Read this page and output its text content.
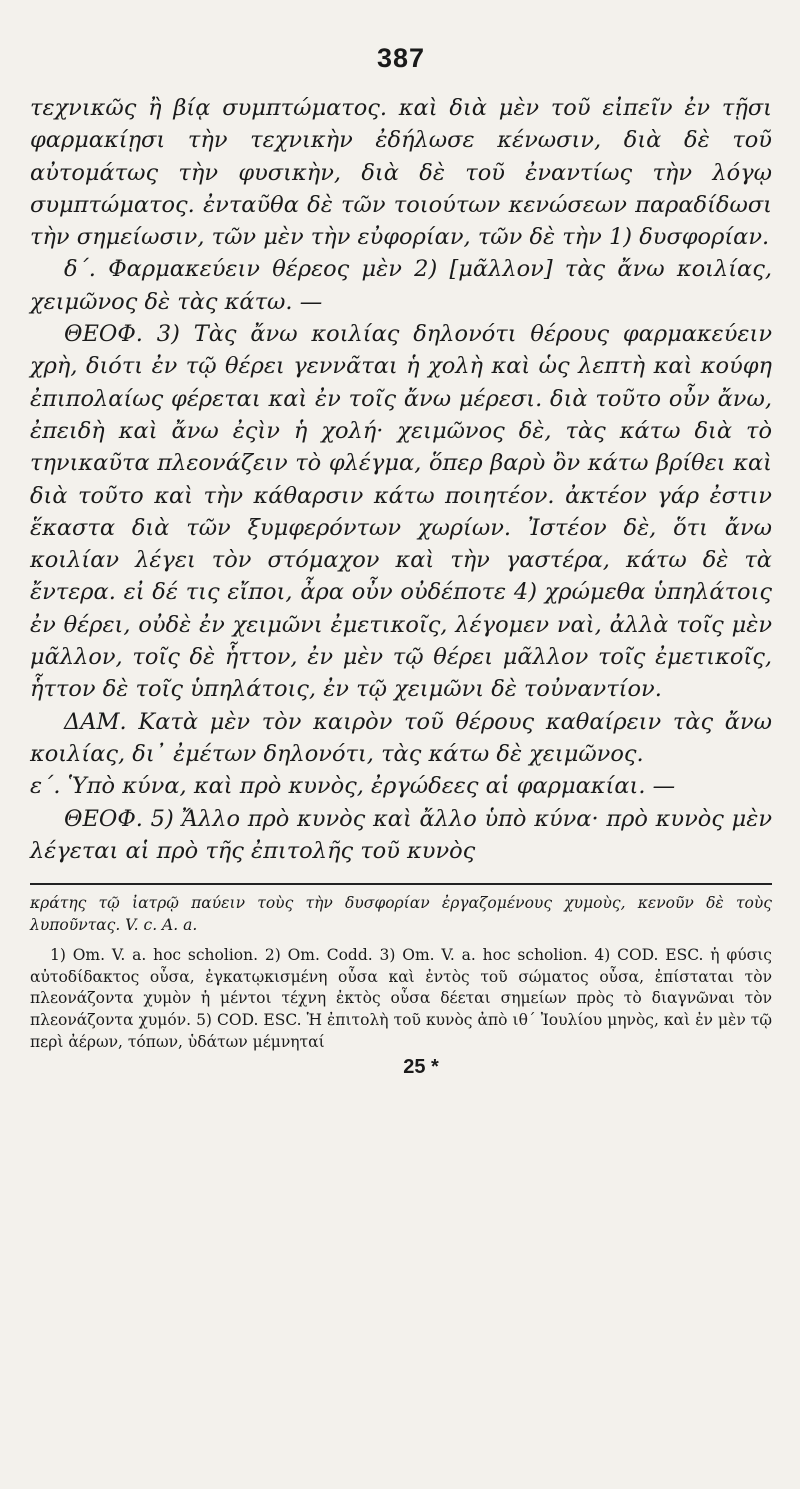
387

τεχνικῶς ἢ βίᾳ συμπτώματος. καὶ διὰ μὲν τοῦ εἰπεῖν ἐν τῇσι φαρμακίῃσι τὴν τεχνικὴν ἐδήλωσε κένωσιν, διὰ δὲ τοῦ αὐτομάτως τὴν φυσικὴν, διὰ δὲ τοῦ ἐναντίως τὴν λόγῳ συμπτώματος. ἐνταῦθα δὲ τῶν τοιούτων κενώσεων παραδίδωσι τὴν σημείωσιν, τῶν μὲν τὴν εὐφορίαν, τῶν δὲ τὴν 1) δυσφορίαν.

δ΄. Φαρμακεύειν θέρεος μὲν 2) [μᾶλλον] τὰς ἄνω κοιλίας, χειμῶνος δὲ τὰς κάτω. —

ΘΕΟΦ. 3) Τὰς ἄνω κοιλίας δηλονότι θέρους φαρμακεύειν χρὴ, διότι ἐν τῷ θέρει γεννᾶται ἡ χολὴ καὶ ὡς λεπτὴ καὶ κούφη ἐπιπολαίως φέρεται καὶ ἐν τοῖς ἄνω μέρεσι. διὰ τοῦτο οὖν ἄνω, ἐπειδὴ καὶ ἄνω ἐςὶν ἡ χολή· χειμῶνος δὲ, τὰς κάτω διὰ τὸ τηνικαῦτα πλεονάζειν τὸ φλέγμα, ὅπερ βαρὺ ὂν κάτω βρίθει καὶ διὰ τοῦτο καὶ τὴν κάθαρσιν κάτω ποιητέον. ἀκτέον γάρ ἐστιν ἕκαστα διὰ τῶν ξυμφερόντων χωρίων. Ἰστέον δὲ, ὅτι ἄνω κοιλίαν λέγει τὸν στόμαχον καὶ τὴν γαστέρα, κάτω δὲ τὰ ἔντερα. εἰ δέ τις εἴποι, ἆρα οὖν οὐδέποτε 4) χρώμεθα ὑπηλάτοις ἐν θέρει, οὐδὲ ἐν χειμῶνι ἐμετικοῖς, λέγομεν ναὶ, ἀλλὰ τοῖς μὲν μᾶλλον, τοῖς δὲ ἧττον, ἐν μὲν τῷ θέρει μᾶλλον τοῖς ἐμετικοῖς, ἧττον δὲ τοῖς ὑπηλάτοις, ἐν τῷ χειμῶνι δὲ τοὐναντίον.

ΔΑΜ. Κατὰ μὲν τὸν καιρὸν τοῦ θέρους καθαίρειν τὰς ἄνω κοιλίας, δι᾽ ἐμέτων δηλονότι, τὰς κάτω δὲ χειμῶνος.

ε΄. Ὑπὸ κύνα, καὶ πρὸ κυνὸς, ἐργώδεες αἱ φαρμακίαι. —

ΘΕΟΦ. 5) Ἄλλο πρὸ κυνὸς καὶ ἄλλο ὑπὸ κύνα· πρὸ κυνὸς μὲν λέγεται αἱ πρὸ τῆς ἐπιτολῆς τοῦ κυνὸς

κράτης τῷ ἰατρῷ παύειν τοὺς τὴν δυσφορίαν ἐργαζομένους χυμοὺς, κενοῦν δὲ τοὺς λυποῦντας. V. c. A. a.

1) Om. V. a. hoc scholion. 2) Om. Codd. 3) Om. V. a. hoc scholion. 4) COD. ESC. ἡ φύσις αὐτοδίδακτος οὖσα, ἐγκατῳκισμένη οὖσα καὶ ἐντὸς τοῦ σώματος οὖσα, ἐπίσταται τὸν πλεονάζοντα χυμὸν ἡ μέντοι τέχνη ἐκτὸς οὖσα δέεται σημείων πρὸς τὸ διαγνῶναι τὸν πλεονάζοντα χυμόν. 5) COD. ESC. Ἡ ἐπιτολὴ τοῦ κυνὸς ἀπὸ ιθ΄ Ἰουλίου μηνὸς, καὶ ἐν μὲν τῷ περὶ ἀέρων, τόπων, ὑδάτων μέμνηταί

25 *
